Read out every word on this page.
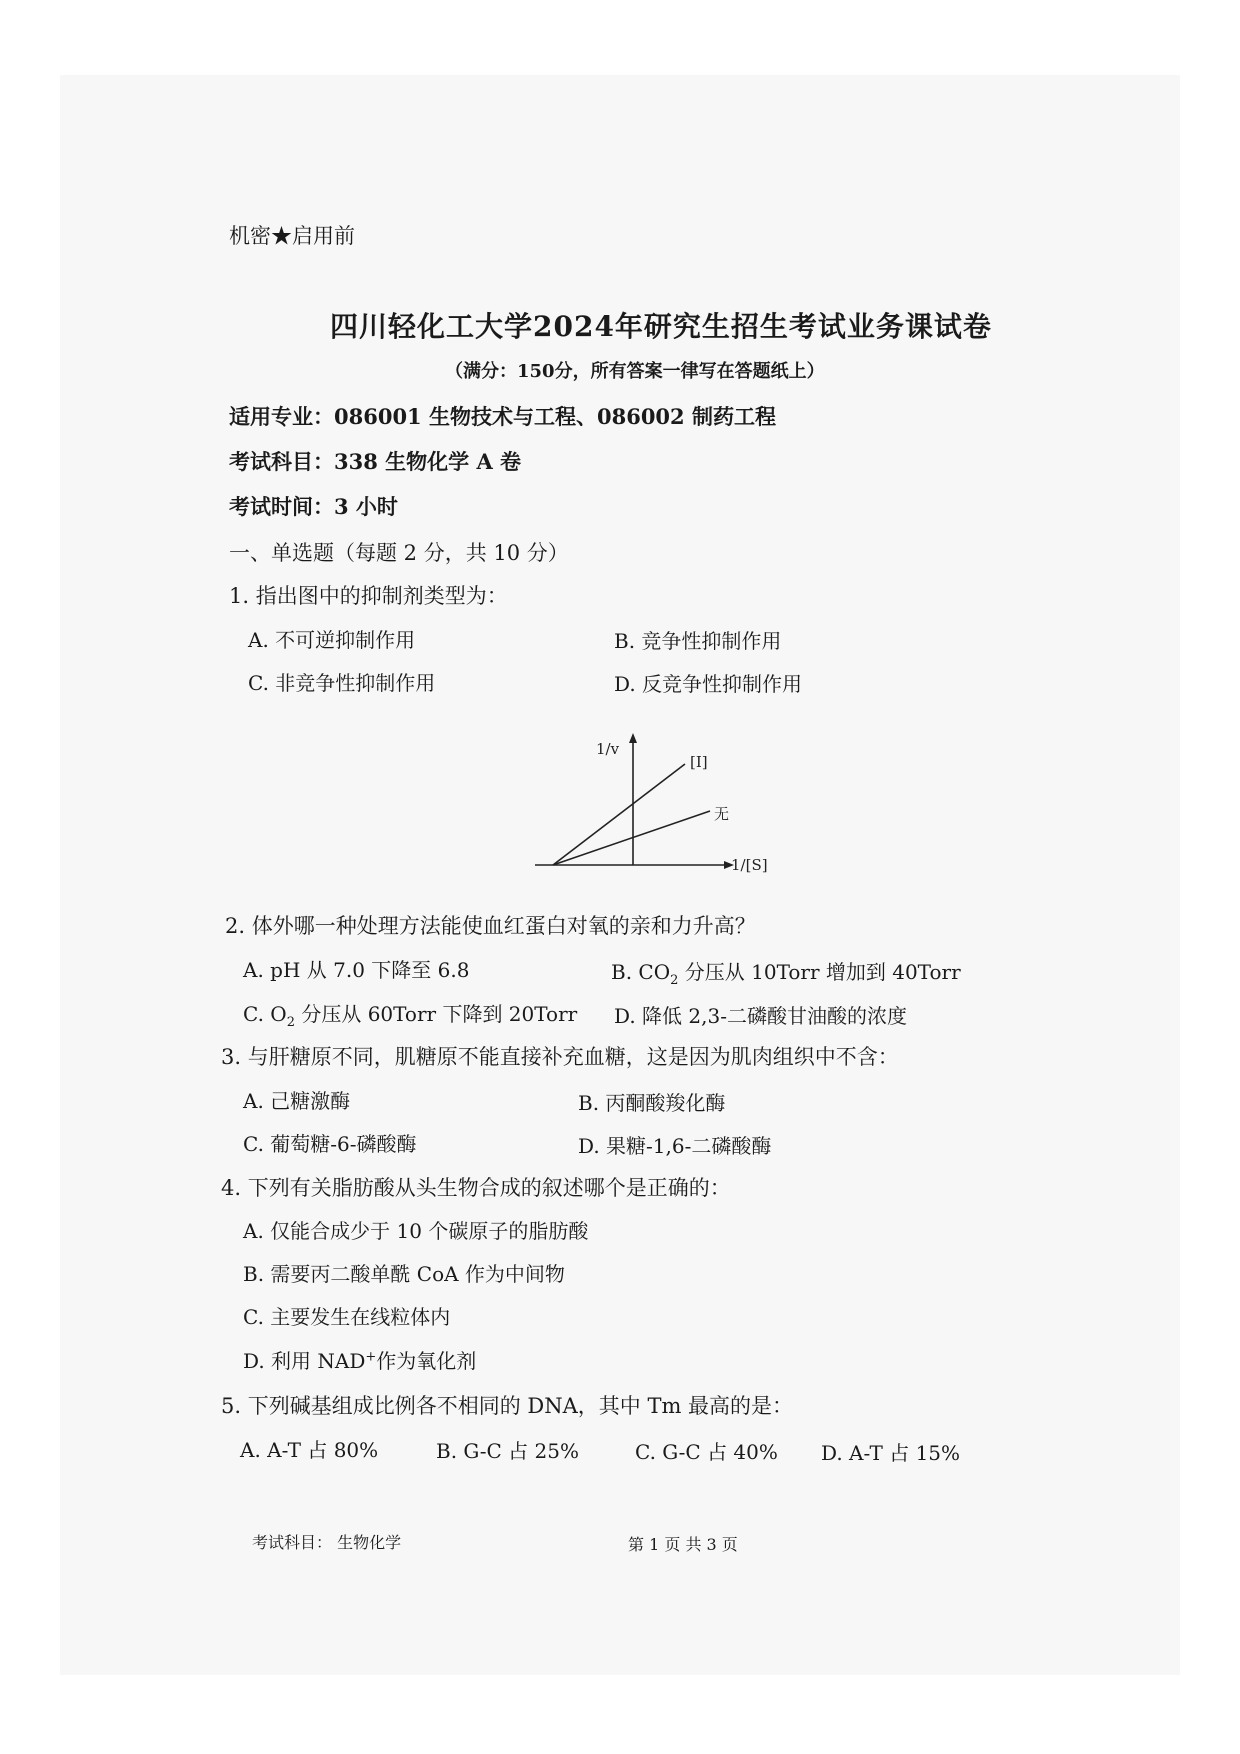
机密★启用前
四川轻化工大学2024年研究生招生考试业务课试卷
（满分：150分，所有答案一律写在答题纸上）
适用专业：086001 生物技术与工程、086002 制药工程
考试科目：338 生物化学 A 卷
考试时间：3 小时
一、单选题（每题 2 分，共 10 分）
1. 指出图中的抑制剂类型为：
A. 不可逆抑制作用	B. 竞争性抑制作用
C. 非竞争性抑制作用	D. 反竞争性抑制作用
1/v
[I]
无
1/[S]
2. 体外哪一种处理方法能使血红蛋白对氧的亲和力升高？
A. pH 从 7.0 下降至 6.8	B. $CO_2$ 分压从 10Torr 增加到 40Torr
C. $O_2$ 分压从 60Torr 下降到 20Torr D. 降低 2,3-二磷酸甘油酸的浓度
3. 与肝糖原不同，肌糖原不能直接补充血糖，这是因为肌肉组织中不含：
A. 己糖激酶	B. 丙酮酸羧化酶
C. 葡萄糖-6-磷酸酶	D. 果糖-1,6-二磷酸酶
4. 下列有关脂肪酸从头生物合成的叙述哪个是正确的：
A. 仅能合成少于 10 个碳原子的脂肪酸
B. 需要丙二酸单酰 CoA 作为中间物
C. 主要发生在线粒体内
D. 利用 NAD+作为氧化剂
5. 下列碱基组成比例各不相同的 DNA，其中 Tm 最高的是：
A. A-T 占 80%	B. G-C 占 25%	C. G-C 占 40% D. A-T 占 15%
考试科目： 生物化学	第 1 页 共 3 页
